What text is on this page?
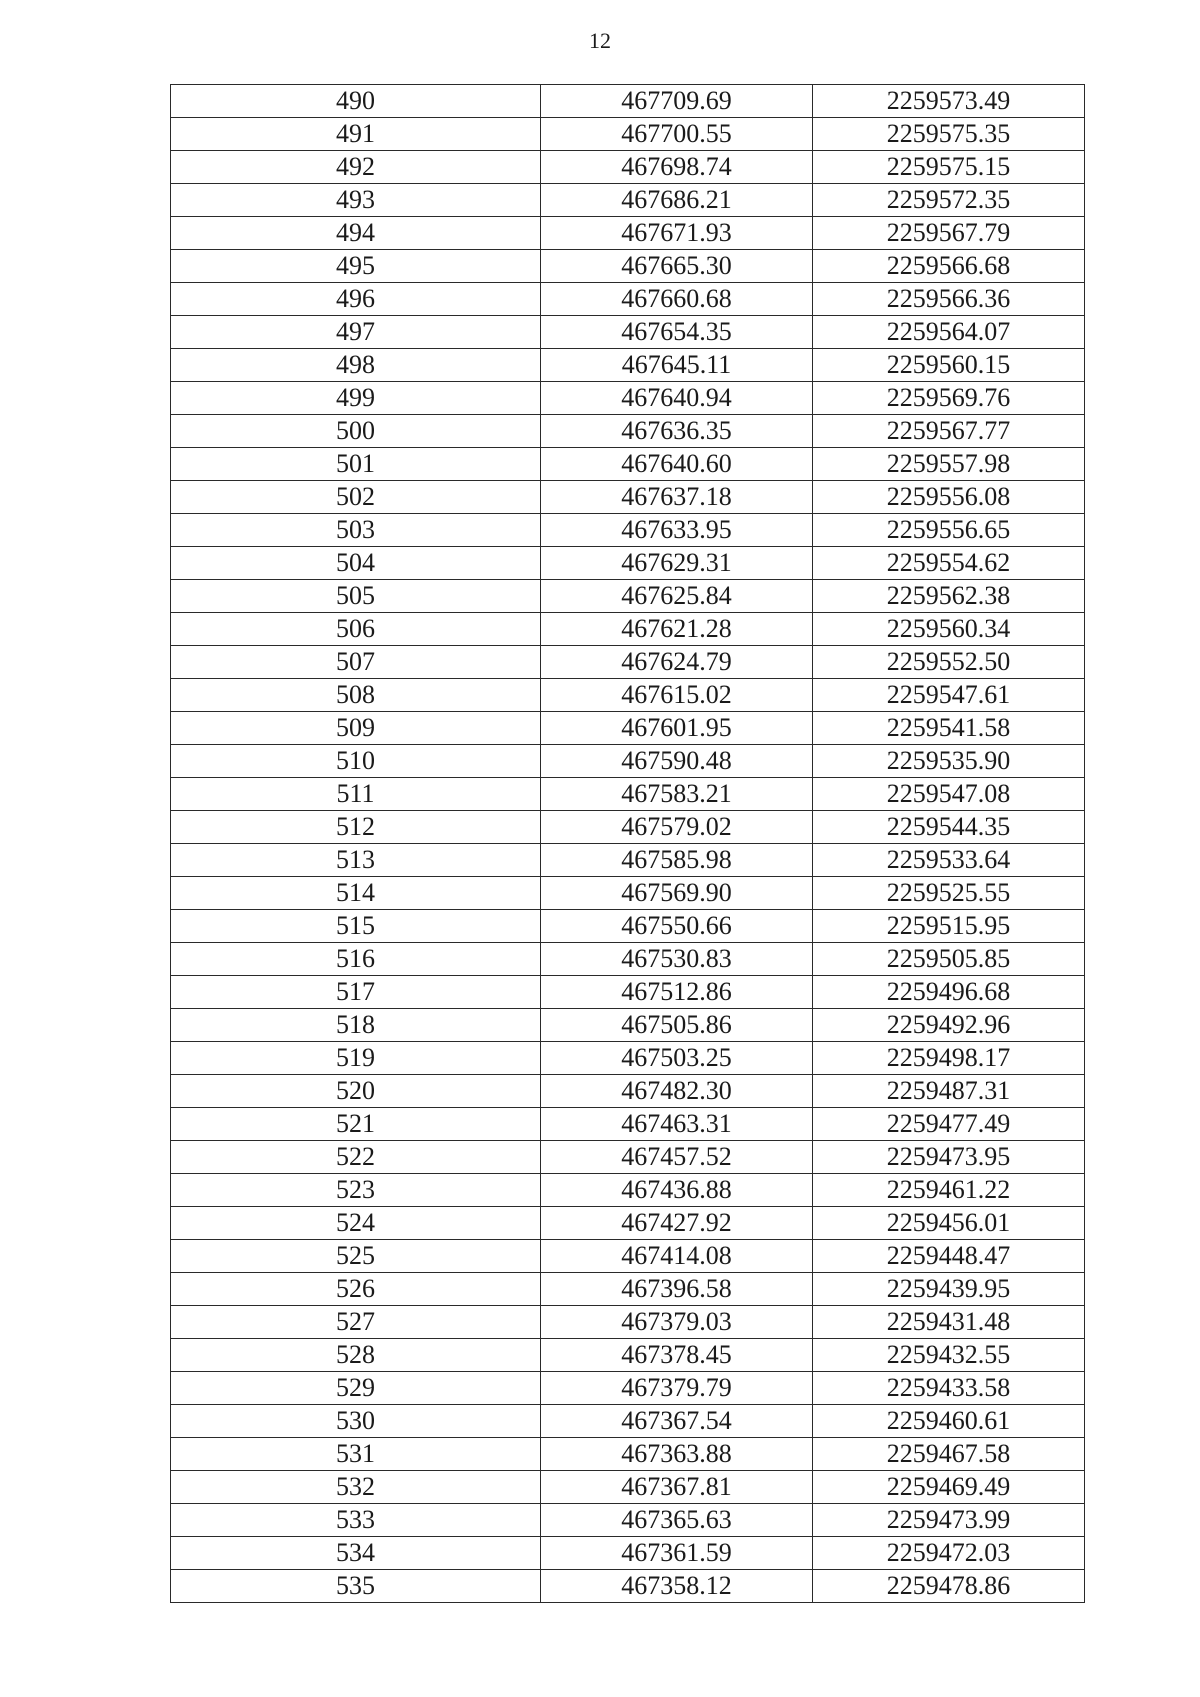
12
490	467709.69	2259573.49
491	467700.55	2259575.35
492	467698.74	2259575.15
493	467686.21	2259572.35
494	467671.93	2259567.79
495	467665.30	2259566.68
496	467660.68	2259566.36
497	467654.35	2259564.07
498	467645.11	2259560.15
499	467640.94	2259569.76
500	467636.35	2259567.77
501	467640.60	2259557.98
502	467637.18	2259556.08
503	467633.95	2259556.65
504	467629.31	2259554.62
505	467625.84	2259562.38
506	467621.28	2259560.34
507	467624.79	2259552.50
508	467615.02	2259547.61
509	467601.95	2259541.58
510	467590.48	2259535.90
511	467583.21	2259547.08
512	467579.02	2259544.35
513	467585.98	2259533.64
514	467569.90	2259525.55
515	467550.66	2259515.95
516	467530.83	2259505.85
517	467512.86	2259496.68
518	467505.86	2259492.96
519	467503.25	2259498.17
520	467482.30	2259487.31
521	467463.31	2259477.49
522	467457.52	2259473.95
523	467436.88	2259461.22
524	467427.92	2259456.01
525	467414.08	2259448.47
526	467396.58	2259439.95
527	467379.03	2259431.48
528	467378.45	2259432.55
529	467379.79	2259433.58
530	467367.54	2259460.61
531	467363.88	2259467.58
532	467367.81	2259469.49
533	467365.63	2259473.99
534	467361.59	2259472.03
535	467358.12	2259478.86
